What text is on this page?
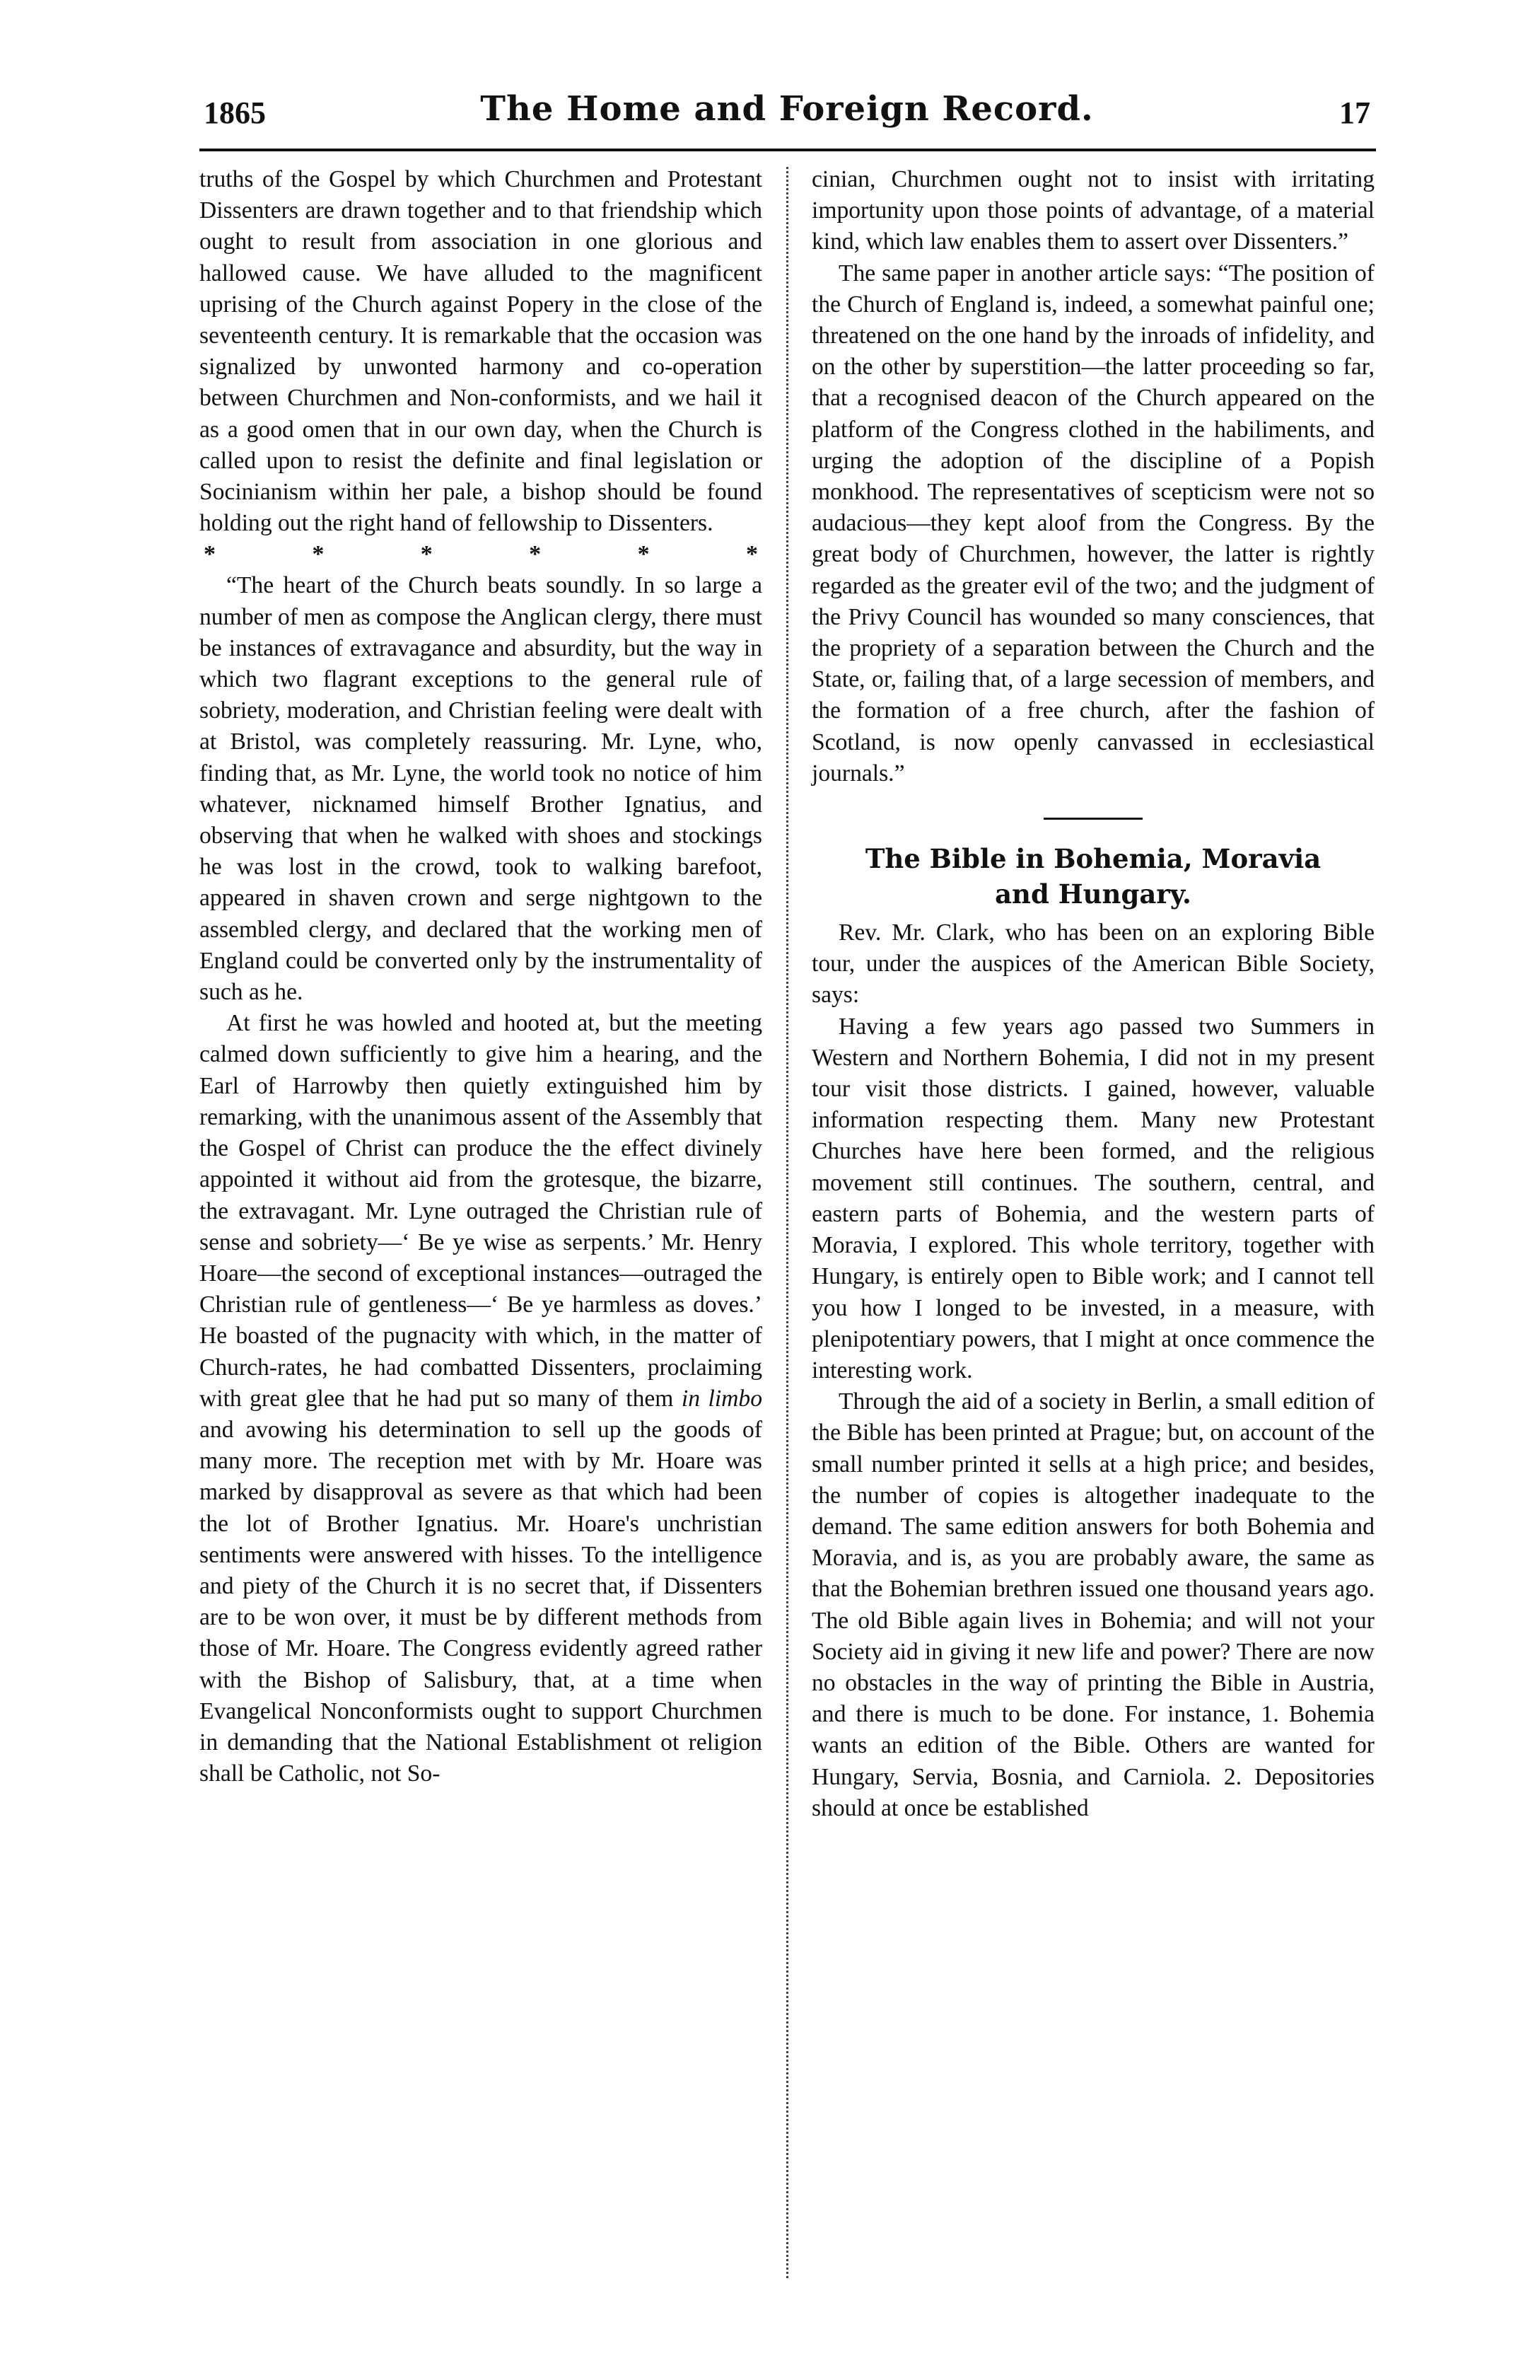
1865	The Home and Foreign Record.	17

truths of the Gospel by which Churchmen and Protestant Dissenters are drawn together and to that friendship which ought to result from association in one glorious and hallowed cause. We have alluded to the magnificent uprising of the Church against Popery in the close of the seventeenth century. It is remarkable that the occasion was signalized by unwonted harmony and co-operation between Churchmen and Non-conformists, and we hail it as a good omen that in our own day, when the Church is called upon to resist the definite and final legislation or Socinianism within her pale, a bishop should be found holding out the right hand of fellowship to Dissenters.

*	*	*	*	*	*

“The heart of the Church beats soundly. In so large a number of men as compose the Anglican clergy, there must be instances of extravagance and absurdity, but the way in which two flagrant exceptions to the general rule of sobriety, moderation, and Christian feeling were dealt with at Bristol, was completely reassuring. Mr. Lyne, who, finding that, as Mr. Lyne, the world took no notice of him whatever, nicknamed himself Brother Ignatius, and observing that when he walked with shoes and stockings he was lost in the crowd, took to walking barefoot, appeared in shaven crown and serge nightgown to the assembled clergy, and declared that the working men of England could be converted only by the instrumentality of such as he.

At first he was howled and hooted at, but the meeting calmed down sufficiently to give him a hearing, and the Earl of Harrowby then quietly extinguished him by remarking, with the unanimous assent of the Assembly that the Gospel of Christ can produce the the effect divinely appointed it without aid from the grotesque, the bizarre, the extravagant. Mr. Lyne outraged the Christian rule of sense and sobriety—‘ Be ye wise as serpents.’ Mr. Henry Hoare—the second of exceptional instances—outraged the Christian rule of gentleness—‘ Be ye harmless as doves.’ He boasted of the pugnacity with which, in the matter of Church-rates, he had combatted Dissenters, proclaiming with great glee that he had put so many of them in limbo and avowing his determination to sell up the goods of many more. The reception met with by Mr. Hoare was marked by disapproval as severe as that which had been the lot of Brother Ignatius. Mr. Hoare's unchristian sentiments were answered with hisses. To the intelligence and piety of the Church it is no secret that, if Dissenters are to be won over, it must be by different methods from those of Mr. Hoare. The Congress evidently agreed rather with the Bishop of Salisbury, that, at a time when Evangelical Nonconformists ought to support Churchmen in demanding that the National Establishment ot religion shall be Catholic, not So-

cinian, Churchmen ought not to insist with irritating importunity upon those points of advantage, of a material kind, which law enables them to assert over Dissenters.”

The same paper in another article says: “The position of the Church of England is, indeed, a somewhat painful one; threatened on the one hand by the inroads of infidelity, and on the other by superstition—the latter proceeding so far, that a recognised deacon of the Church appeared on the platform of the Congress clothed in the habiliments, and urging the adoption of the discipline of a Popish monkhood. The representatives of scepticism were not so audacious—they kept aloof from the Congress. By the great body of Churchmen, however, the latter is rightly regarded as the greater evil of the two; and the judgment of the Privy Council has wounded so many consciences, that the propriety of a separation between the Church and the State, or, failing that, of a large secession of members, and the formation of a free church, after the fashion of Scotland, is now openly canvassed in ecclesiastical journals.”

The Bible in Bohemia, Moravia
and Hungary.

Rev. Mr. Clark, who has been on an exploring Bible tour, under the auspices of the American Bible Society, says:

Having a few years ago passed two Summers in Western and Northern Bohemia, I did not in my present tour visit those districts. I gained, however, valuable information respecting them. Many new Protestant Churches have here been formed, and the religious movement still continues. The southern, central, and eastern parts of Bohemia, and the western parts of Moravia, I explored. This whole territory, together with Hungary, is entirely open to Bible work; and I cannot tell you how I longed to be invested, in a measure, with plenipotentiary powers, that I might at once commence the interesting work.

Through the aid of a society in Berlin, a small edition of the Bible has been printed at Prague; but, on account of the small number printed it sells at a high price; and besides, the number of copies is altogether inadequate to the demand. The same edition answers for both Bohemia and Moravia, and is, as you are probably aware, the same as that the Bohemian brethren issued one thousand years ago. The old Bible again lives in Bohemia; and will not your Society aid in giving it new life and power? There are now no obstacles in the way of printing the Bible in Austria, and there is much to be done. For instance, 1. Bohemia wants an edition of the Bible. Others are wanted for Hungary, Servia, Bosnia, and Carniola. 2. Depositories should at once be established
